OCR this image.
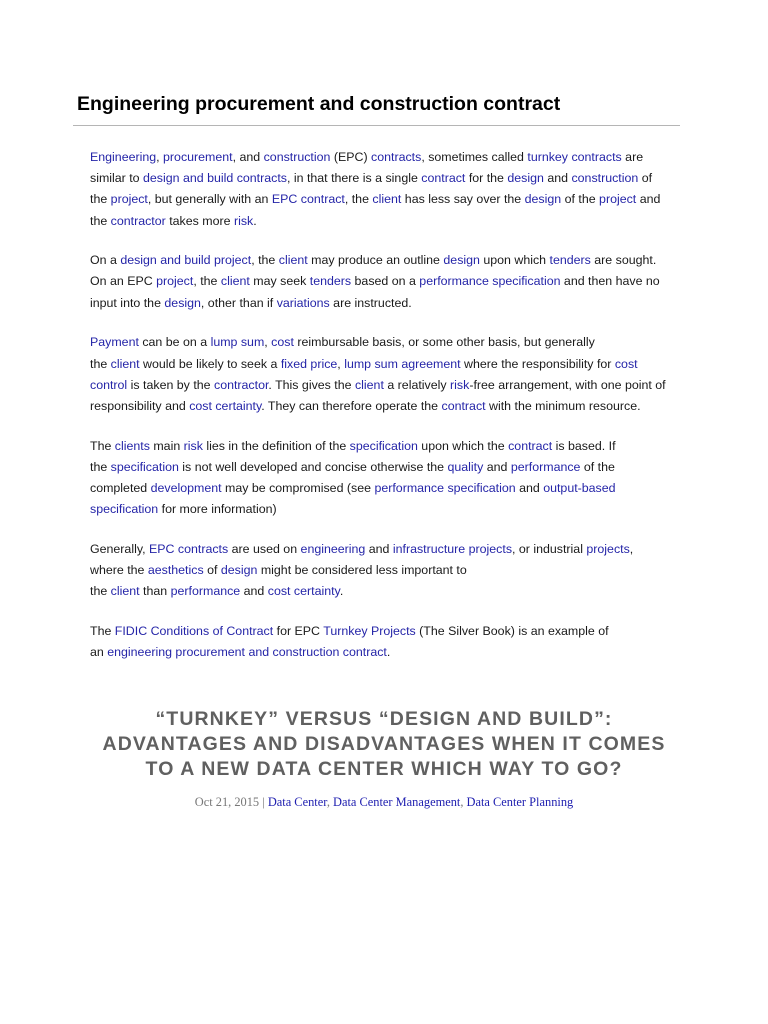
Engineering procurement and construction contract

Engineering, procurement, and construction (EPC) contracts, sometimes called turnkey contracts are
similar to design and build contracts, in that there is a single contract for the design and construction of
the project, but generally with an EPC contract, the client has less say over the design of the project and
the contractor takes more risk.

On a design and build project, the client may produce an outline design upon which tenders are sought.
On an EPC project, the client may seek tenders based on a performance specification and then have no
input into the design, other than if variations are instructed.

Payment can be on a lump sum, cost reimbursable basis, or some other basis, but generally
the client would be likely to seek a fixed price, lump sum agreement where the responsibility for cost
control is taken by the contractor. This gives the client a relatively risk-free arrangement, with one point of
responsibility and cost certainty. They can therefore operate the contract with the minimum resource.

The clients main risk lies in the definition of the specification upon which the contract is based. If
the specification is not well developed and concise otherwise the quality and performance of the
completed development may be compromised (see performance specification and output-based
specification for more information)

Generally, EPC contracts are used on engineering and infrastructure projects, or industrial projects,
where the aesthetics of design might be considered less important to
the client than performance and cost certainty.

The FIDIC Conditions of Contract for EPC Turnkey Projects (The Silver Book) is an example of
an engineering procurement and construction contract.

“TURNKEY” VERSUS “DESIGN AND BUILD”:
ADVANTAGES AND DISADVANTAGES WHEN IT COMES
TO A NEW DATA CENTER WHICH WAY TO GO?
Oct 21, 2015 | Data Center, Data Center Management, Data Center Planning
